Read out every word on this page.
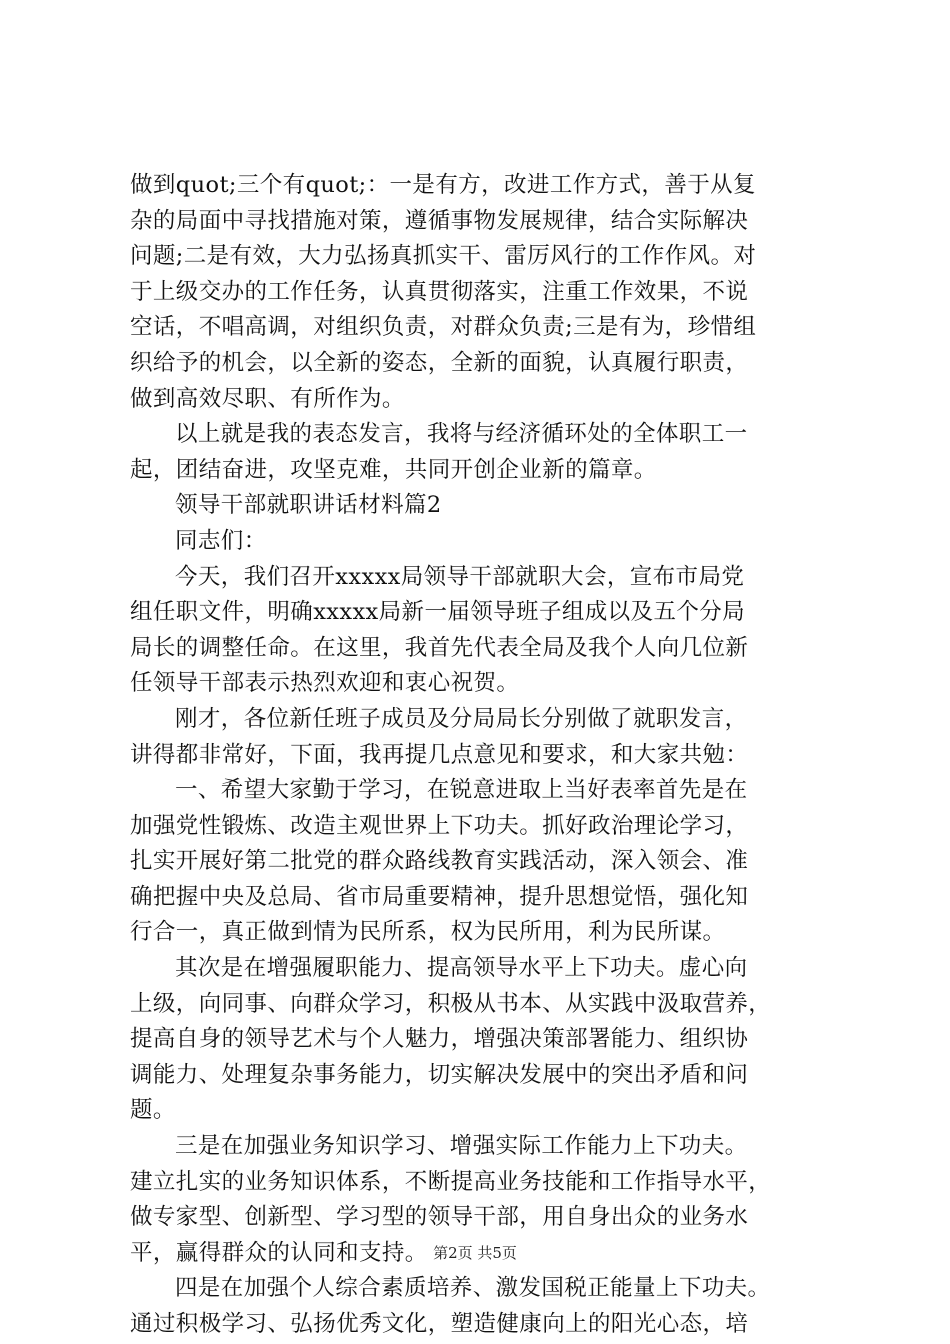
做到quot;三个有quot;：一是有方，改进工作方式，善于从复
杂的局面中寻找措施对策，遵循事物发展规律，结合实际解决
问题;二是有效，大力弘扬真抓实干、雷厉风行的工作作风。对
于上级交办的工作任务，认真贯彻落实，注重工作效果，不说
空话，不唱高调，对组织负责，对群众负责;三是有为，珍惜组
织给予的机会，以全新的姿态，全新的面貌，认真履行职责，
做到高效尽职、有所作为。
以上就是我的表态发言，我将与经济循环处的全体职工一
起，团结奋进，攻坚克难，共同开创企业新的篇章。
领导干部就职讲话材料篇2
同志们：
今天，我们召开xxxxx局领导干部就职大会，宣布市局党
组任职文件，明确xxxxx局新一届领导班子组成以及五个分局
局长的调整任命。在这里，我首先代表全局及我个人向几位新
任领导干部表示热烈欢迎和衷心祝贺。
刚才，各位新任班子成员及分局局长分别做了就职发言，
讲得都非常好，下面，我再提几点意见和要求，和大家共勉：
一、希望大家勤于学习，在锐意进取上当好表率首先是在
加强党性锻炼、改造主观世界上下功夫。抓好政治理论学习，
扎实开展好第二批党的群众路线教育实践活动，深入领会、准
确把握中央及总局、省市局重要精神，提升思想觉悟，强化知
行合一，真正做到情为民所系，权为民所用，利为民所谋。
其次是在增强履职能力、提高领导水平上下功夫。虚心向
上级，向同事、向群众学习，积极从书本、从实践中汲取营养，
提高自身的领导艺术与个人魅力，增强决策部署能力、组织协
调能力、处理复杂事务能力，切实解决发展中的突出矛盾和问
题。
三是在加强业务知识学习、增强实际工作能力上下功夫。
建立扎实的业务知识体系，不断提高业务技能和工作指导水平，
做专家型、创新型、学习型的领导干部，用自身出众的业务水
平，赢得群众的认同和支持。
四是在加强个人综合素质培养、激发国税正能量上下功夫。
通过积极学习、弘扬优秀文化，塑造健康向上的阳光心态，培
第2页 共5页
